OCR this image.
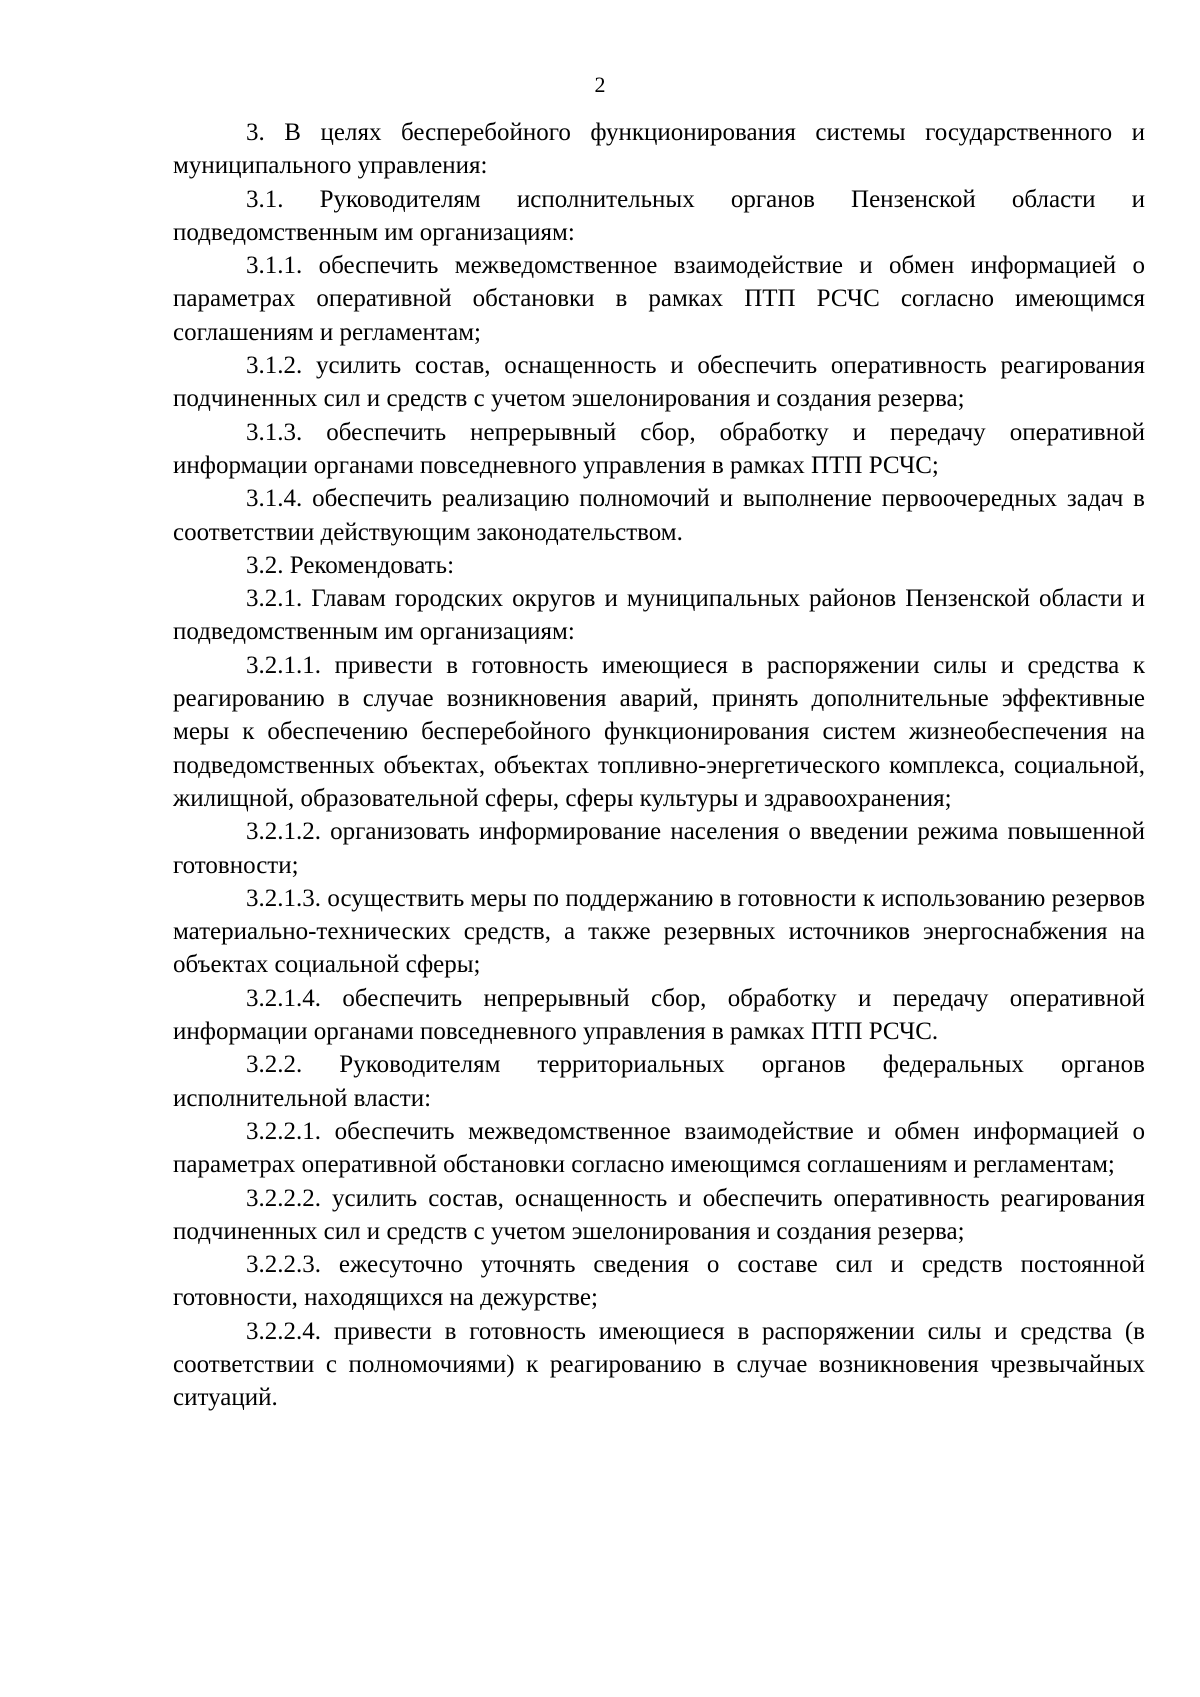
2

3. В целях бесперебойного функционирования системы государственного и муниципального управления:

3.1. Руководителям исполнительных органов Пензенской области и подведомственным им организациям:

3.1.1. обеспечить межведомственное взаимодействие и обмен информацией о параметрах оперативной обстановки в рамках ПТП РСЧС согласно имеющимся соглашениям и регламентам;

3.1.2. усилить состав, оснащенность и обеспечить оперативность реагирования подчиненных сил и средств с учетом эшелонирования и создания резерва;

3.1.3. обеспечить непрерывный сбор, обработку и передачу оперативной информации органами повседневного управления в рамках ПТП РСЧС;

3.1.4. обеспечить реализацию полномочий и выполнение первоочередных задач в соответствии действующим законодательством.

3.2. Рекомендовать:

3.2.1. Главам городских округов и муниципальных районов Пензенской области и подведомственным им организациям:

3.2.1.1. привести в готовность имеющиеся в распоряжении силы и средства к реагированию в случае возникновения аварий, принять дополнительные эффективные меры к обеспечению бесперебойного функционирования систем жизнеобеспечения на подведомственных объектах, объектах топливно-энергетического комплекса, социальной, жилищной, образовательной сферы, сферы культуры и здравоохранения;

3.2.1.2. организовать информирование населения о введении режима повышенной готовности;

3.2.1.3. осуществить меры по поддержанию в готовности к использованию резервов материально-технических средств, а также резервных источников энергоснабжения на объектах социальной сферы;

3.2.1.4. обеспечить непрерывный сбор, обработку и передачу оперативной информации органами повседневного управления в рамках ПТП РСЧС.

3.2.2. Руководителям территориальных органов федеральных органов исполнительной власти:

3.2.2.1. обеспечить межведомственное взаимодействие и обмен информацией о параметрах оперативной обстановки согласно имеющимся соглашениям и регламентам;

3.2.2.2. усилить состав, оснащенность и обеспечить оперативность реагирования подчиненных сил и средств с учетом эшелонирования и создания резерва;

3.2.2.3. ежесуточно уточнять сведения о составе сил и средств постоянной готовности, находящихся на дежурстве;

3.2.2.4. привести в готовность имеющиеся в распоряжении силы и средства (в соответствии с полномочиями) к реагированию в случае возникновения чрезвычайных ситуаций.
